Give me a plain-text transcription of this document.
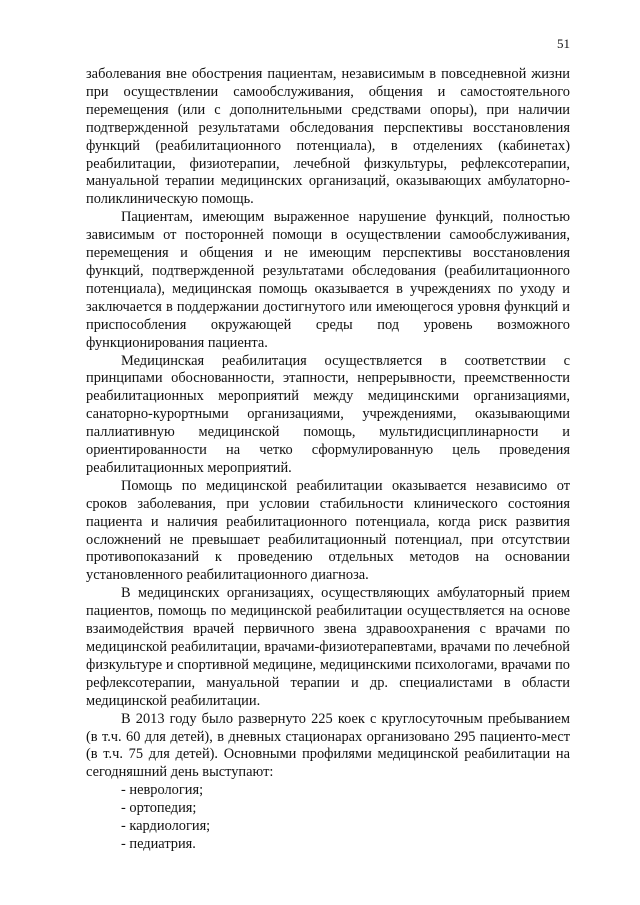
51

заболевания вне обострения пациентам, независимым в повседневной жизни при осуществлении самообслуживания, общения и самостоятельного перемещения (или с дополнительными средствами опоры), при наличии подтвержденной результатами обследования перспективы восстановления функций (реабилитационного потенциала), в отделениях (кабинетах) реабилитации, физиотерапии, лечебной физкультуры, рефлексотерапии, мануальной терапии медицинских организаций, оказывающих амбулаторно-поликлиническую помощь.

Пациентам, имеющим выраженное нарушение функций, полностью зависимым от посторонней помощи в осуществлении самообслуживания, перемещения и общения и не имеющим перспективы восстановления функций, подтвержденной результатами обследования (реабилитационного потенциала), медицинская помощь оказывается в учреждениях по уходу и заключается в поддержании достигнутого или имеющегося уровня функций и приспособления окружающей среды под уровень возможного функционирования пациента.

Медицинская реабилитация осуществляется в соответствии с принципами обоснованности, этапности, непрерывности, преемственности реабилитационных мероприятий между медицинскими организациями, санаторно-курортными организациями, учреждениями, оказывающими паллиативную медицинской помощь, мультидисциплинарности и ориентированности на четко сформулированную цель проведения реабилитационных мероприятий.

Помощь по медицинской реабилитации оказывается независимо от сроков заболевания, при условии стабильности клинического состояния пациента и наличия реабилитационного потенциала, когда риск развития осложнений не превышает реабилитационный потенциал, при отсутствии противопоказаний к проведению отдельных методов на основании установленного реабилитационного диагноза.

В медицинских организациях, осуществляющих амбулаторный прием пациентов, помощь по медицинской реабилитации осуществляется на основе взаимодействия врачей первичного звена здравоохранения с врачами по медицинской реабилитации, врачами-физиотерапевтами, врачами по лечебной физкультуре и спортивной медицине, медицинскими психологами, врачами по рефлексотерапии, мануальной терапии и др. специалистами в области медицинской реабилитации.

В 2013 году было развернуто 225 коек с круглосуточным пребыванием (в т.ч. 60 для детей), в дневных стационарах организовано 295 пациенто-мест (в т.ч. 75 для детей). Основными профилями медицинской реабилитации на сегодняшний день выступают:

- неврология;
- ортопедия;
- кардиология;
- педиатрия.
